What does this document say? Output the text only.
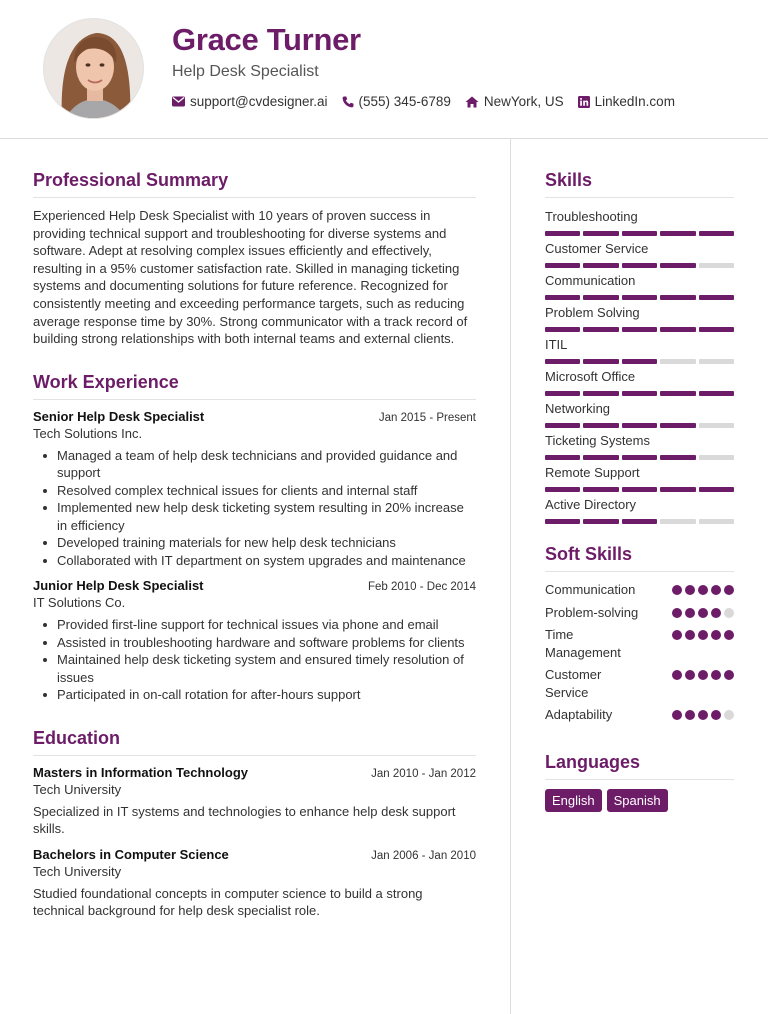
Grace Turner
Help Desk Specialist
support@cvdesigner.ai (555) 345-6789 NewYork, US LinkedIn.com
Professional Summary

Experienced Help Desk Specialist with 10 years of proven success in providing technical support and troubleshooting for diverse systems and software. Adept at resolving complex issues efficiently and effectively, resulting in a 95% customer satisfaction rate. Skilled in managing ticketing systems and documenting solutions for future reference. Recognized for consistently meeting and exceeding performance targets, such as reducing average response time by 30%. Strong communicator with a track record of building strong relationships with both internal teams and external clients.

Work Experience
Senior Help Desk Specialist	Jan 2015 - Present
Tech Solutions Inc.
Managed a team of help desk technicians and provided guidance and support
Resolved complex technical issues for clients and internal staff
Implemented new help desk ticketing system resulting in 20% increase in efficiency
Developed training materials for new help desk technicians
Collaborated with IT department on system upgrades and maintenance
Junior Help Desk Specialist	Feb 2010 - Dec 2014
IT Solutions Co.
Provided first-line support for technical issues via phone and email
Assisted in troubleshooting hardware and software problems for clients
Maintained help desk ticketing system and ensured timely resolution of issues
Participated in on-call rotation for after-hours support
Education
Masters in Information Technology	Jan 2010 - Jan 2012
Tech University

Specialized in IT systems and technologies to enhance help desk support skills.

Bachelors in Computer Science	Jan 2006 - Jan 2010
Tech University

Studied foundational concepts in computer science to build a strong technical background for help desk specialist role.

Skills
Troubleshooting
Customer Service
Communication
Problem Solving
ITIL
Microsoft Office
Networking
Ticketing Systems
Remote Support
Active Directory
Soft Skills
Communication
Problem-solving
Time Management
Customer Service
Adaptability
Languages
English	Spanish
